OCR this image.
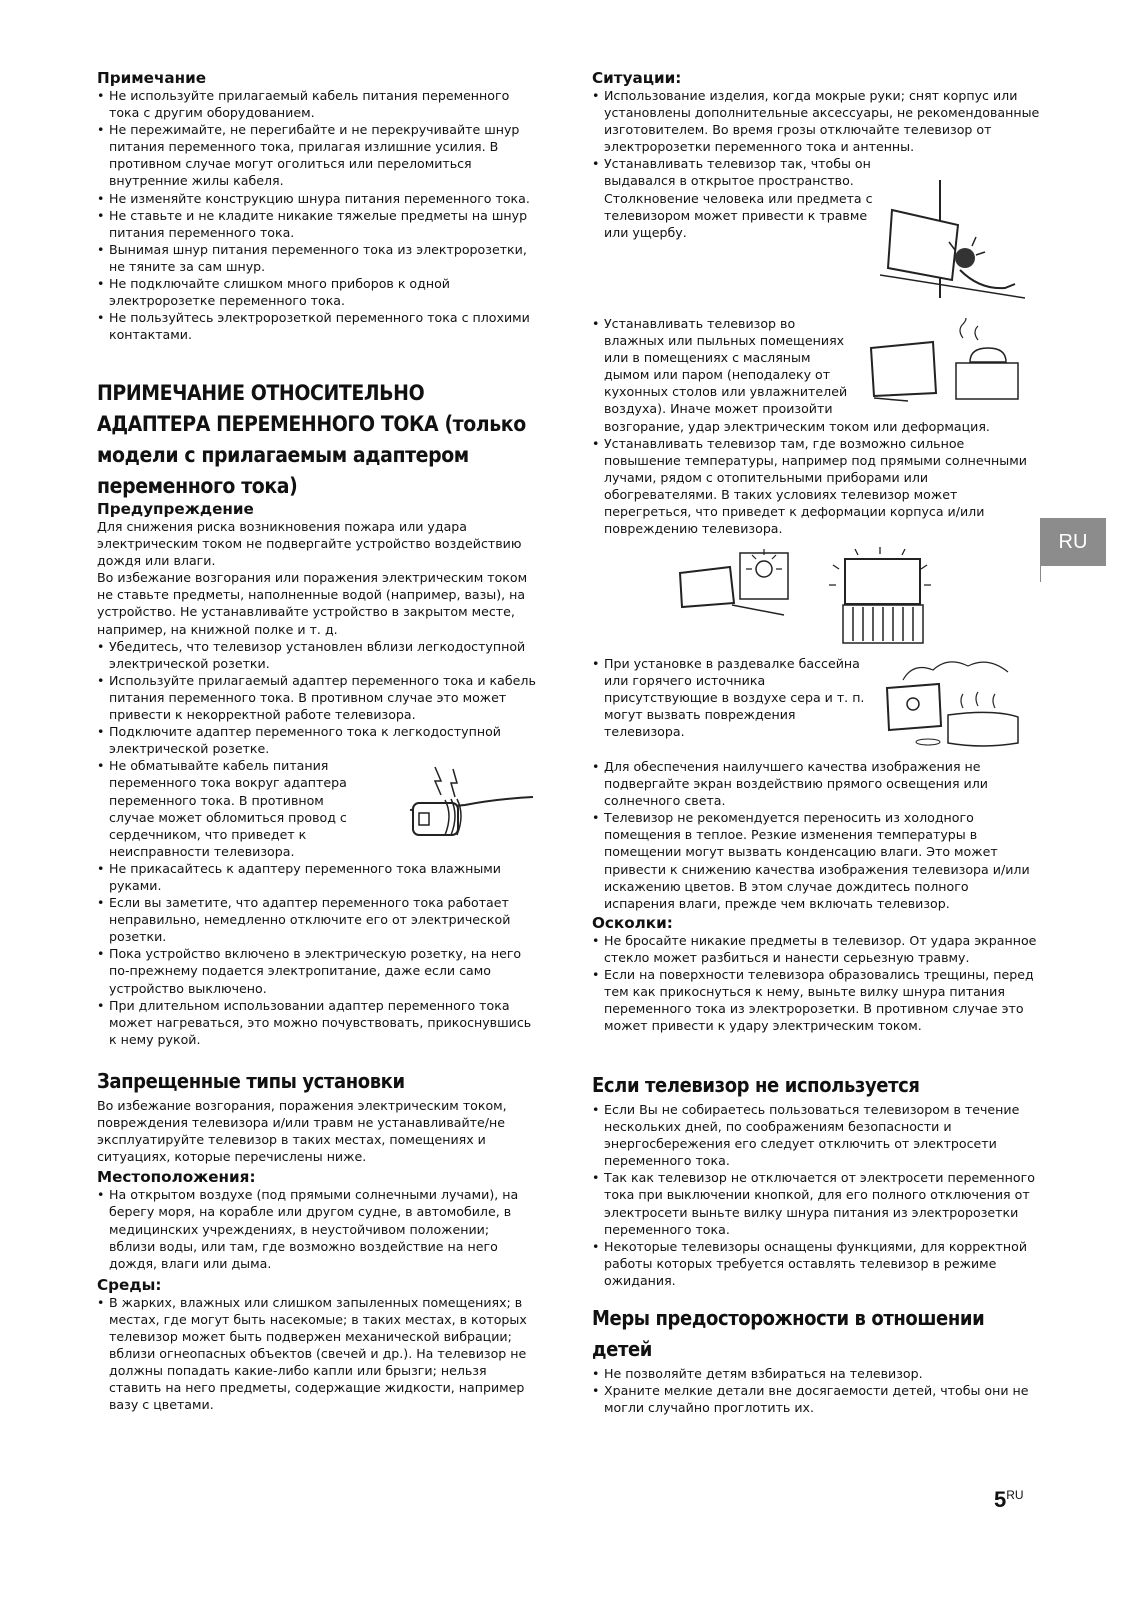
Примечание

• Не используйте прилагаемый кабель питания переменного тока с другим оборудованием.
• Не пережимайте, не перегибайте и не перекручивайте шнур питания переменного тока, прилагая излишние усилия. В противном случае могут оголиться или переломиться внутренние жилы кабеля.
• Не изменяйте конструкцию шнура питания переменного тока.
• Не ставьте и не кладите никакие тяжелые предметы на шнур питания переменного тока.
• Вынимая шнур питания переменного тока из электророзетки, не тяните за сам шнур.
• Не подключайте слишком много приборов к одной электророзетке переменного тока.
• Не пользуйтесь электророзеткой переменного тока с плохими контактами.

ПРИМЕЧАНИЕ ОТНОСИТЕЛЬНО АДАПТЕРА ПЕРЕМЕННОГО ТОКА (только модели с прилагаемым адаптером переменного тока)

Предупреждение

Для снижения риска возникновения пожара или удара электрическим током не подвергайте устройство воздействию дождя или влаги.

Во избежание возгорания или поражения электрическим током не ставьте предметы, наполненные водой (например, вазы), на устройство. Не устанавливайте устройство в закрытом месте, например, на книжной полке и т. д.

• Убедитесь, что телевизор установлен вблизи легкодоступной электрической розетки.
• Используйте прилагаемый адаптер переменного тока и кабель питания переменного тока. В противном случае это может привести к некорректной работе телевизора.
• Подключите адаптер переменного тока к легкодоступной электрической розетке.
• Не обматывайте кабель питания переменного тока вокруг адаптера переменного тока. В противном случае может обломиться провод с сердечником, что приведет к неисправности телевизора.
• Не прикасайтесь к адаптеру переменного тока влажными руками.
• Если вы заметите, что адаптер переменного тока работает неправильно, немедленно отключите его от электрической розетки.
• Пока устройство включено в электрическую розетку, на него по-прежнему подается электропитание, даже если само устройство выключено.
• При длительном использовании адаптер переменного тока может нагреваться, это можно почувствовать, прикоснувшись к нему рукой.

Запрещенные типы установки

Во избежание возгорания, поражения электрическим током, повреждения телевизора и/или травм не устанавливайте/не эксплуатируйте телевизор в таких местах, помещениях и ситуациях, которые перечислены ниже.

Местоположения:

• На открытом воздухе (под прямыми солнечными лучами), на берегу моря, на корабле или другом судне, в автомобиле, в медицинских учреждениях, в неустойчивом положении; вблизи воды, или там, где возможно воздействие на него дождя, влаги или дыма.

Среды:

• В жарких, влажных или слишком запыленных помещениях; в местах, где могут быть насекомые; в таких местах, в которых телевизор может быть подвержен механической вибрации; вблизи огнеопасных объектов (свечей и др.). На телевизор не должны попадать какие-либо капли или брызги; нельзя ставить на него предметы, содержащие жидкости, например вазу с цветами.

Ситуации:

• Использование изделия, когда мокрые руки; снят корпус или установлены дополнительные аксессуары, не рекомендованные изготовителем. Во время грозы отключайте телевизор от электророзетки переменного тока и антенны.
• Устанавливать телевизор так, чтобы он выдавался в открытое пространство. Столкновение человека или предмета с телевизором может привести к травме или ущербу.
• Устанавливать телевизор во влажных или пыльных помещениях или в помещениях с масляным дымом или паром (неподалеку от кухонных столов или увлажнителей воздуха). Иначе может произойти
возгорание, удар электрическим током или деформация.
• Устанавливать телевизор там, где возможно сильное повышение температуры, например под прямыми солнечными лучами, рядом с отопительными приборами или обогревателями. В таких условиях телевизор может перегреться, что приведет к деформации корпуса и/или повреждению телевизора.
• При установке в раздевалке бассейна или горячего источника присутствующие в воздухе сера и т. п. могут вызвать повреждения телевизора.
• Для обеспечения наилучшего качества изображения не подвергайте экран воздействию прямого освещения или солнечного света.
• Телевизор не рекомендуется переносить из холодного помещения в теплое. Резкие изменения температуры в помещении могут вызвать конденсацию влаги. Это может привести к снижению качества изображения телевизора и/или искажению цветов. В этом случае дождитесь полного испарения влаги, прежде чем включать телевизор.

Осколки:

• Не бросайте никакие предметы в телевизор. От удара экранное стекло может разбиться и нанести серьезную травму.
• Если на поверхности телевизора образовались трещины, перед тем как прикоснуться к нему, выньте вилку шнура питания переменного тока из электророзетки. В противном случае это может привести к удару электрическим током.

Если телевизор не используется

• Если Вы не собираетесь пользоваться телевизором в течение нескольких дней, по соображениям безопасности и энергосбережения его следует отключить от электросети переменного тока.
• Так как телевизор не отключается от электросети переменного тока при выключении кнопкой, для его полного отключения от электросети выньте вилку шнура питания из электророзетки переменного тока.
• Некоторые телевизоры оснащены функциями, для корректной работы которых требуется оставлять телевизор в режиме ожидания.

Меры предосторожности в отношении детей

• Не позволяйте детям взбираться на телевизор.
• Храните мелкие детали вне досягаемости детей, чтобы они не могли случайно проглотить их.
RU
$5^{RU}$
